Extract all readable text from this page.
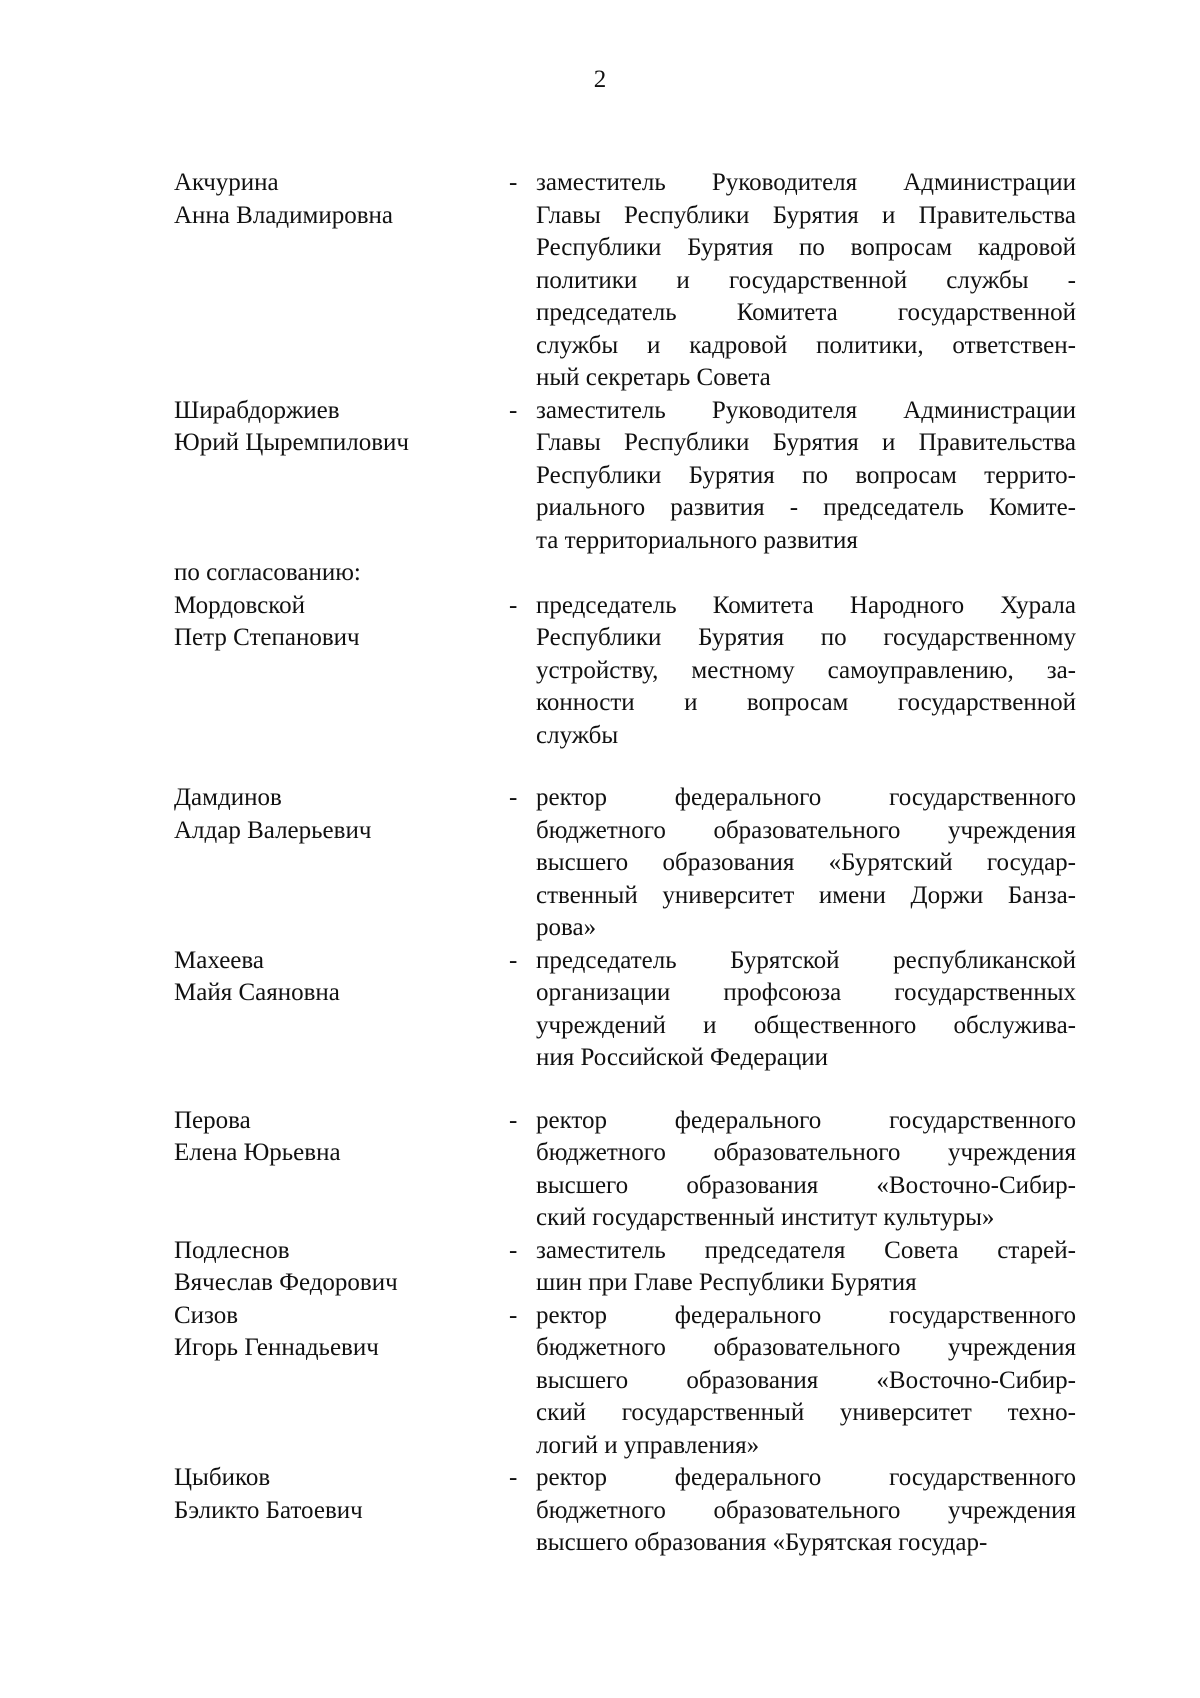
2
Акчурина
Анна Владимировна
- заместитель Руководителя Администрации
Главы Республики Бурятия и Правительства
Республики Бурятия по вопросам кадровой
политики и государственной службы -
председатель Комитета государственной
службы и кадровой политики, ответствен-
ный секретарь Совета
Ширабдоржиев
Юрий Цыремпилович
- заместитель Руководителя Администрации
Главы Республики Бурятия и Правительства
Республики Бурятия по вопросам террито-
риального развития - председатель Комите-
та территориального развития
по согласованию:
Мордовской
Петр Степанович
- председатель Комитета Народного Хурала
Республики Бурятия по государственному
устройству, местному самоуправлению, за-
конности и вопросам государственной
службы
Дамдинов
Алдар Валерьевич
- ректор федерального государственного
бюджетного образовательного учреждения
высшего образования «Бурятский государ-
ственный университет имени Доржи Банза-
рова»
Махеева
Майя Саяновна
- председатель Бурятской республиканской
организации профсоюза государственных
учреждений и общественного обслужива-
ния Российской Федерации
Перова
Елена Юрьевна
- ректор федерального государственного
бюджетного образовательного учреждения
высшего образования «Восточно-Сибир-
ский государственный институт культуры»
Подлеснов
Вячеслав Федорович
- заместитель председателя Совета старей-
шин при Главе Республики Бурятия
Сизов
Игорь Геннадьевич
- ректор федерального государственного
бюджетного образовательного учреждения
высшего образования «Восточно-Сибир-
ский государственный университет техно-
логий и управления»
Цыбиков
Бэликто Батоевич
- ректор федерального государственного
бюджетного образовательного учреждения
высшего образования «Бурятская государ-
